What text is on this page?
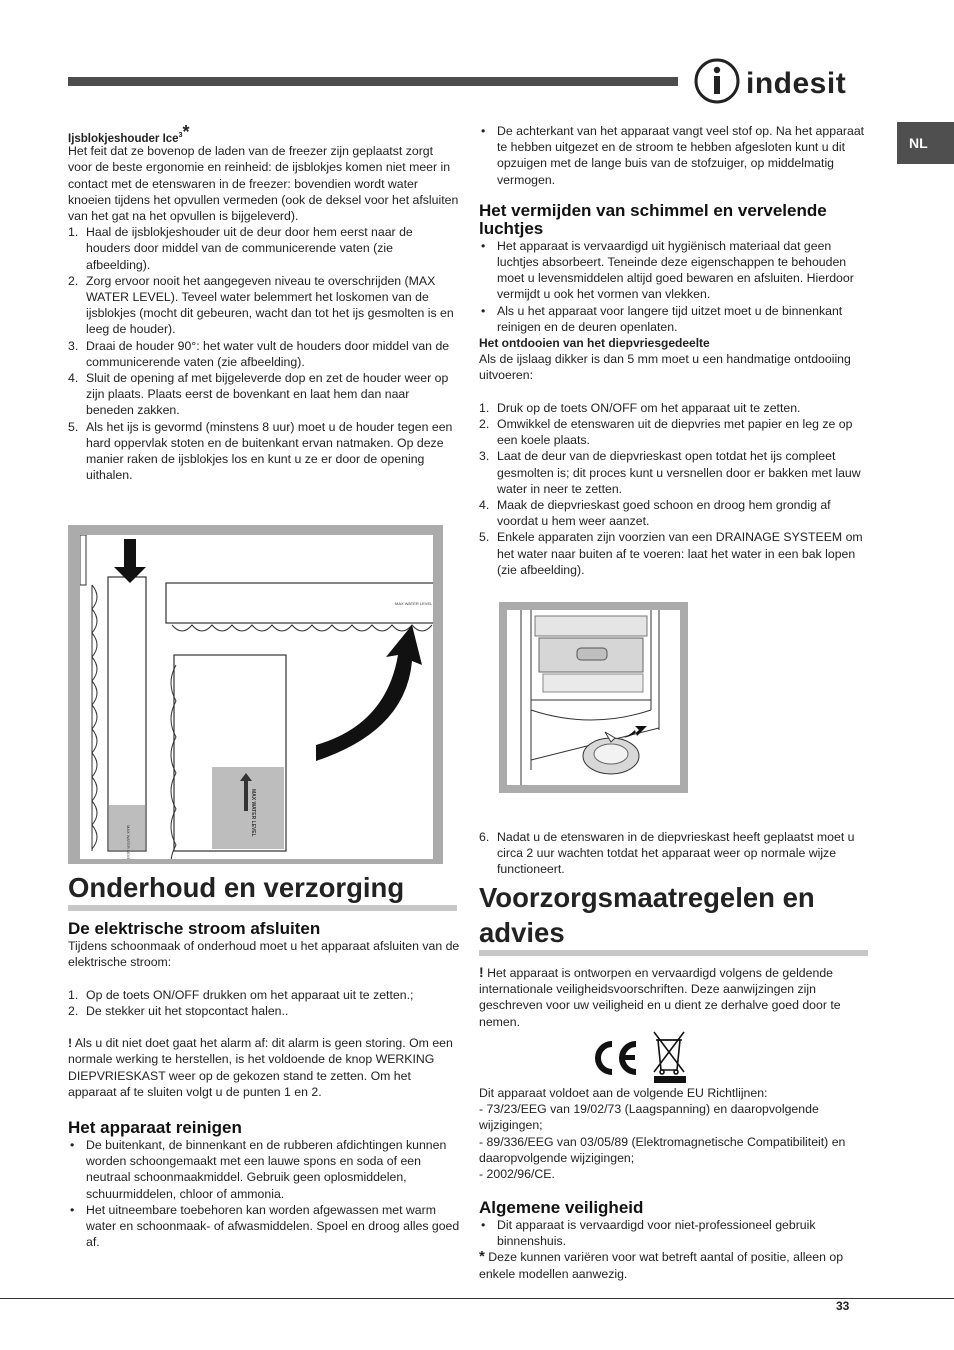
indesit
NL

Ijsblokjeshouder Ice$^3$*

Het feit dat ze bovenop de laden van de freezer zijn geplaatst zorgt voor de beste ergonomie en reinheid: de ijsblokjes komen niet meer in contact met de etenswaren in de freezer: bovendien wordt water knoeien tijdens het opvullen vermeden (ook de deksel voor het afsluiten van het gat na het opvullen is bijgeleverd).

1. Haal de ijsblokjeshouder uit de deur door hem eerst naar de houders door middel van de communicerende vaten (zie afbeelding).
2. Zorg ervoor nooit het aangegeven niveau te overschrijden (MAX WATER LEVEL). Teveel water belemmert het loskomen van de ijsblokjes (mocht dit gebeuren, wacht dan tot het ijs gesmolten is en leeg de houder).
3. Draai de houder 90°: het water vult de houders door middel van de communicerende vaten (zie afbeelding).
4. Sluit de opening af met bijgeleverde dop en zet de houder weer op zijn plaats. Plaats eerst de bovenkant en laat hem dan naar beneden zakken.
5. Als het ijs is gevormd (minstens 8 uur) moet u de houder tegen een hard oppervlak stoten en de buitenkant ervan natmaken. Op deze manier raken de ijsblokjes los en kunt u ze er door de opening uithalen.
MAX WATER LEVEL
MAX WATER LEVEL
MAX WATER LEVEL
Onderhoud en verzorging
De elektrische stroom afsluiten

Tijdens schoonmaak of onderhoud moet u het apparaat afsluiten van de elektrische stroom:

1. Op de toets ON/OFF drukken om het apparaat uit te zetten.;
2. De stekker uit het stopcontact halen..

! Als u dit niet doet gaat het alarm af: dit alarm is geen storing. Om een normale werking te herstellen, is het voldoende de knop WERKING DIEPVRIESKAST weer op de gekozen stand te zetten. Om het apparaat af te sluiten volgt u de punten 1 en 2.

Het apparaat reinigen
• De buitenkant, de binnenkant en de rubberen afdichtingen kunnen worden schoongemaakt met een lauwe spons en soda of een neutraal schoonmaakmiddel. Gebruik geen oplosmiddelen, schuurmiddelen, chloor of ammonia.
• Het uitneembare toebehoren kan worden afgewassen met warm water en schoonmaak- of afwasmiddelen. Spoel en droog alles goed af.
• De achterkant van het apparaat vangt veel stof op. Na het apparaat te hebben uitgezet en de stroom te hebben afgesloten kunt u dit opzuigen met de lange buis van de stofzuiger, op middelmatig vermogen.
Het vermijden van schimmel en vervelende luchtjes
• Het apparaat is vervaardigd uit hygiënisch materiaal dat geen luchtjes absorbeert. Teneinde deze eigenschappen te behouden moet u levensmiddelen altijd goed bewaren en afsluiten. Hierdoor vermijdt u ook het vormen van vlekken.
• Als u het apparaat voor langere tijd uitzet moet u de binnenkant reinigen en de deuren openlaten.
Het ontdooien van het diepvriesgedeelte

Als de ijslaag dikker is dan 5 mm moet u een handmatige ontdooiing uitvoeren:

1. Druk op de toets ON/OFF om het apparaat uit te zetten.
2. Omwikkel de etenswaren uit de diepvries met papier en leg ze op een koele plaats.
3. Laat de deur van de diepvrieskast open totdat het ijs compleet gesmolten is; dit proces kunt u versnellen door er bakken met lauw water in neer te zetten.
4. Maak de diepvrieskast goed schoon en droog hem grondig af voordat u hem weer aanzet.
5. Enkele apparaten zijn voorzien van een DRAINAGE SYSTEEM om het water naar buiten af te voeren: laat het water in een bak lopen (zie afbeelding).
6. Nadat u de etenswaren in de diepvrieskast heeft geplaatst moet u circa 2 uur wachten totdat het apparaat weer op normale wijze functioneert.
Voorzorgsmaatregelen en
advies

! Het apparaat is ontworpen en vervaardigd volgens de geldende internationale veiligheidsvoorschriften. Deze aanwijzingen zijn geschreven voor uw veiligheid en u dient ze derhalve goed door te nemen.

Dit apparaat voldoet aan de volgende EU Richtlijnen:

- 73/23/EEG van 19/02/73 (Laagspanning) en daaropvolgende wijzigingen;

- 89/336/EEG van 03/05/89 (Elektromagnetische Compatibiliteit) en daaropvolgende wijzigingen;

- 2002/96/CE.

Algemene veiligheid
• Dit apparaat is vervaardigd voor niet-professioneel gebruik binnenshuis.

* Deze kunnen variëren voor wat betreft aantal of positie, alleen op enkele modellen aanwezig.

33
